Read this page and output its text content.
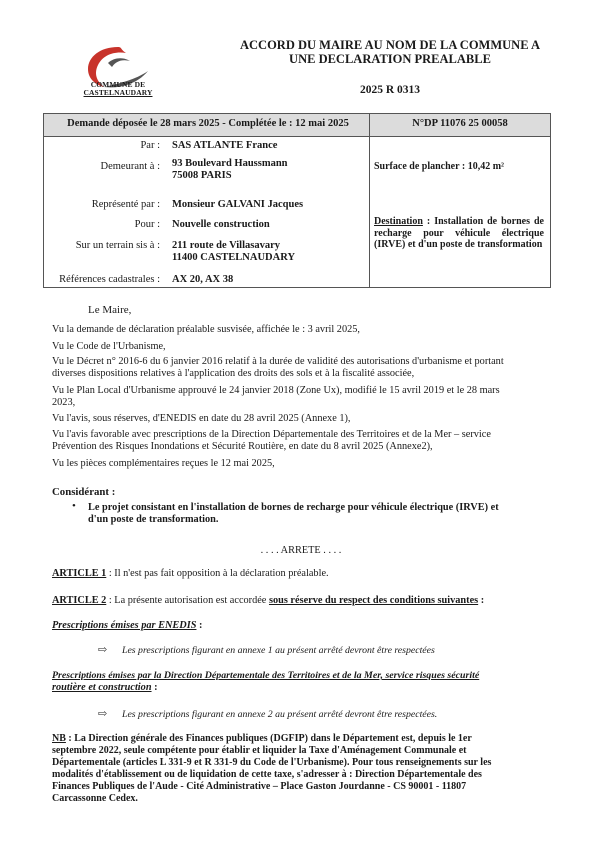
COMMUNE DE
CASTELNAUDARY
ACCORD DU MAIRE AU NOM DE LA COMMUNE A
UNE DECLARATION PREALABLE
2025 R 0313
Demande déposée le 28 mars 2025 - Complétée le : 12 mai 2025	N°DP 11076 25 00058
Par : SAS ATLANTE France
Demeurant à : 93 Boulevard Haussmann
75008 PARIS
Représenté par : Monsieur GALVANI Jacques
Pour : Nouvelle construction
Sur un terrain sis à : 211 route de Villasavary
11400 CASTELNAUDARY
Références cadastrales : AX 20, AX 38
Surface de plancher : 10,42 m²
Destination : Installation de bornes de recharge pour véhicule électrique (IRVE) et d'un poste de transformation
Le Maire,
Vu la demande de déclaration préalable susvisée, affichée le : 3 avril 2025,
Vu le Code de l'Urbanisme,
Vu le Décret n° 2016-6 du 6 janvier 2016 relatif à la durée de validité des autorisations d'urbanisme et portant
diverses dispositions relatives à l'application des droits des sols et à la fiscalité associée,
Vu le Plan Local d'Urbanisme approuvé le 24 janvier 2018 (Zone Ux), modifié le 15 avril 2019 et le 28 mars
2023,
Vu l'avis, sous réserves, d'ENEDIS en date du 28 avril 2025 (Annexe 1),
Vu l'avis favorable avec prescriptions de la Direction Départementale des Territoires et de la Mer – service
Prévention des Risques Inondations et Sécurité Routière, en date du 8 avril 2025 (Annexe2),
Vu les pièces complémentaires reçues le 12 mai 2025,
Considérant :
• Le projet consistant en l'installation de bornes de recharge pour véhicule électrique (IRVE) et
d'un poste de transformation.
. . . . ARRETE . . . .
ARTICLE 1 : Il n'est pas fait opposition à la déclaration préalable.
ARTICLE 2 : La présente autorisation est accordée sous réserve du respect des conditions suivantes :
Prescriptions émises par ENEDIS :
⇨ Les prescriptions figurant en annexe 1 au présent arrêté devront être respectées
Prescriptions émises par la Direction Départementale des Territoires et de la Mer, service risques sécurité
routière et construction :
⇨ Les prescriptions figurant en annexe 2 au présent arrêté devront être respectées.
NB : La Direction générale des Finances publiques (DGFIP) dans le Département est, depuis le 1er
septembre 2022, seule compétente pour établir et liquider la Taxe d'Aménagement Communale et
Départementale (articles L 331-9 et R 331-9 du Code de l'Urbanisme). Pour tous renseignements sur les
modalités d'établissement ou de liquidation de cette taxe, s'adresser à : Direction Départementale des
Finances Publiques de l'Aude - Cité Administrative – Place Gaston Jourdanne - CS 90001 - 11807
Carcassonne Cedex.
